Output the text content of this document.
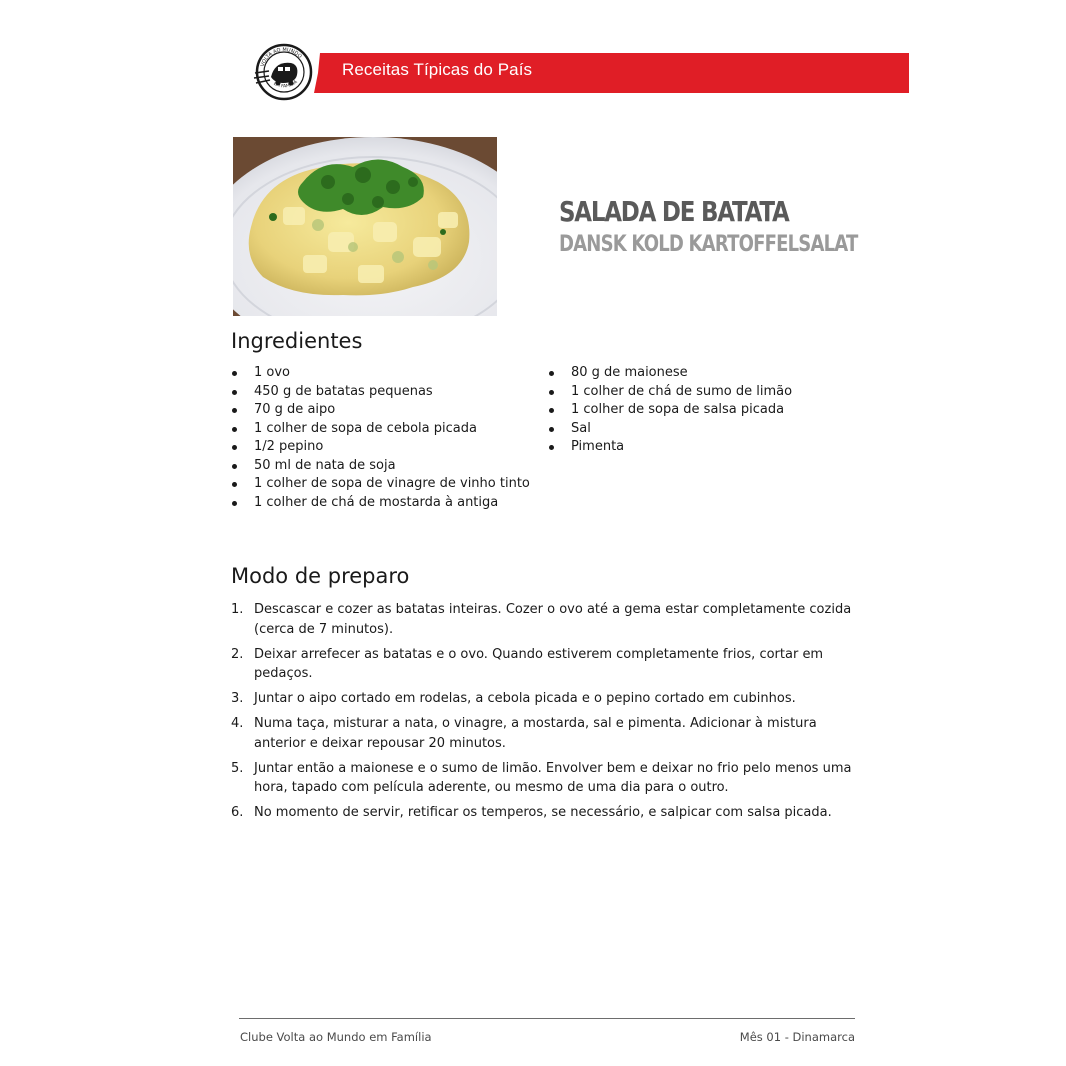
VOLTA AO MUNDO
EM FAMÍLIA
Receitas Típicas do País
SALADA DE BATATA
DANSK KOLD KARTOFFELSALAT
Ingredientes
1 ovo
450 g de batatas pequenas
70 g de aipo
1 colher de sopa de cebola picada
1/2 pepino
50 ml de nata de soja
1 colher de sopa de vinagre de vinho tinto
1 colher de chá de mostarda à antiga
80 g de maionese
1 colher de chá de sumo de limão
1 colher de sopa de salsa picada
Sal
Pimenta
Modo de preparo
1. Descascar e cozer as batatas inteiras. Cozer o ovo até a gema estar completamente cozida (cerca de 7 minutos).
2. Deixar arrefecer as batatas e o ovo. Quando estiverem completamente frios, cortar em pedaços.
3. Juntar o aipo cortado em rodelas, a cebola picada e o pepino cortado em cubinhos.
4. Numa taça, misturar a nata, o vinagre, a mostarda, sal e pimenta. Adicionar à mistura anterior e deixar repousar 20 minutos.
5. Juntar então a maionese e o sumo de limão. Envolver bem e deixar no frio pelo menos uma hora, tapado com película aderente, ou mesmo de uma dia para o outro.
6. No momento de servir, retificar os temperos, se necessário, e salpicar com salsa picada.
Clube Volta ao Mundo em Família	Mês 01 - Dinamarca
